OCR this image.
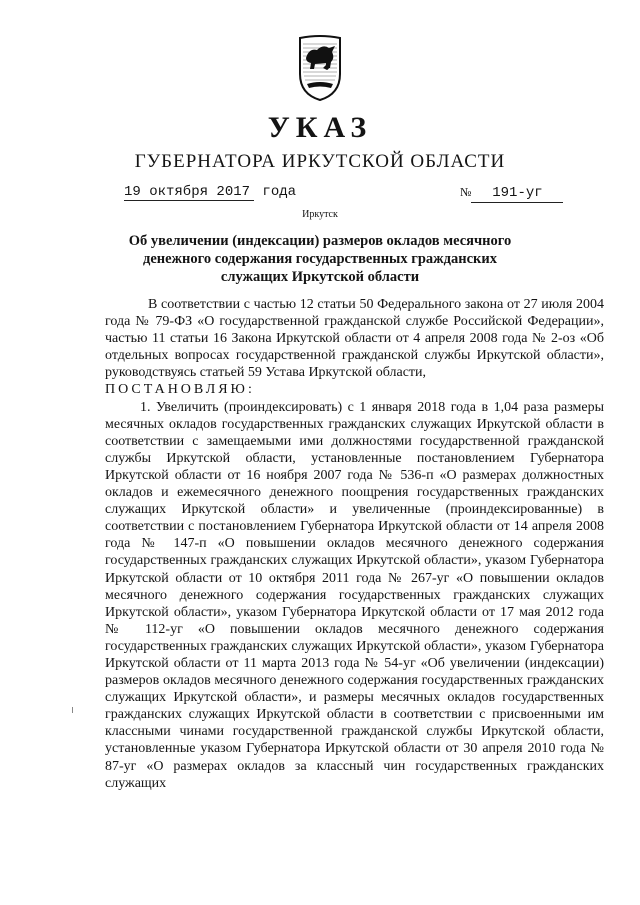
УКАЗ
ГУБЕРНАТОРА ИРКУТСКОЙ ОБЛАСТИ
19 октября 2017 года	№ 191-уг
Иркутск
Об увеличении (индексации) размеров окладов месячного денежного содержания государственных гражданских служащих Иркутской области

В соответствии с частью 12 статьи 50 Федерального закона от 27 июля 2004 года № 79-ФЗ «О государственной гражданской службе Российской Федерации», частью 11 статьи 16 Закона Иркутской области от 4 апреля 2008 года № 2-оз «Об отдельных вопросах государственной гражданской службы Иркутской области», руководствуясь статьей 59 Устава Иркутской области,

ПОСТАНОВЛЯЮ:

1. Увеличить (проиндексировать) с 1 января 2018 года в 1,04 раза размеры месячных окладов государственных гражданских служащих Иркутской области в соответствии с замещаемыми ими должностями государственной гражданской службы Иркутской области, установленные постановлением Губернатора Иркутской области от 16 ноября 2007 года № 536-п «О размерах должностных окладов и ежемесячного денежного поощрения государственных гражданских служащих Иркутской области» и увеличенные (проиндексированные) в соответствии с постановлением Губернатора Иркутской области от 14 апреля 2008 года № 147-п «О повышении окладов месячного денежного содержания государственных гражданских служащих Иркутской области», указом Губернатора Иркутской области от 10 октября 2011 года № 267-уг «О повышении окладов месячного денежного содержания государственных гражданских служащих Иркутской области», указом Губернатора Иркутской области от 17 мая 2012 года № 112-уг «О повышении окладов месячного денежного содержания государственных гражданских служащих Иркутской области», указом Губернатора Иркутской области от 11 марта 2013 года № 54-уг «Об увеличении (индексации) размеров окладов месячного денежного содержания государственных гражданских служащих Иркутской области», и размеры месячных окладов государственных гражданских служащих Иркутской области в соответствии с присвоенными им классными чинами государственной гражданской службы Иркутской области, установленные указом Губернатора Иркутской области от 30 апреля 2010 года № 87-уг «О размерах окладов за классный чин государственных гражданских служащих
